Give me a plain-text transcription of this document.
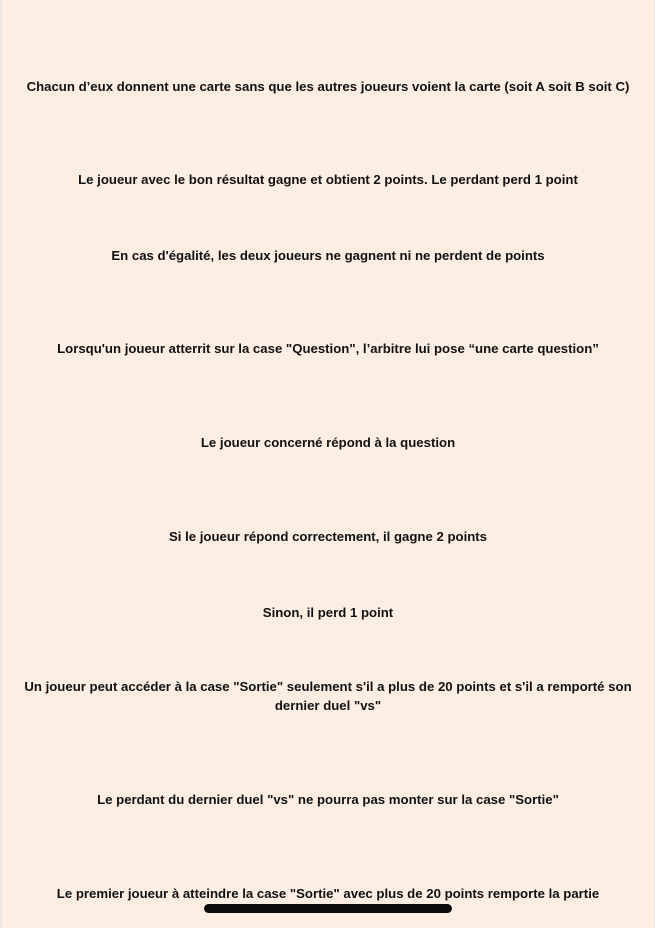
Chacun d’eux donnent une carte sans que les autres joueurs voient la carte (soit A soit B soit C)

Le joueur avec le bon résultat gagne et obtient 2 points. Le perdant perd 1 point

En cas d'égalité, les deux joueurs ne gagnent ni ne perdent de points

Lorsqu'un joueur atterrit sur la case "Question", l’arbitre lui pose “une carte question”

Le joueur concerné répond à la question

Si le joueur répond correctement, il gagne 2 points

Sinon, il perd 1 point

Un joueur peut accéder à la case "Sortie" seulement s'il a plus de 20 points et s'il a remporté son dernier duel "vs"

Le perdant du dernier duel "vs" ne pourra pas monter sur la case "Sortie"

Le premier joueur à atteindre la case "Sortie" avec plus de 20 points remporte la partie
